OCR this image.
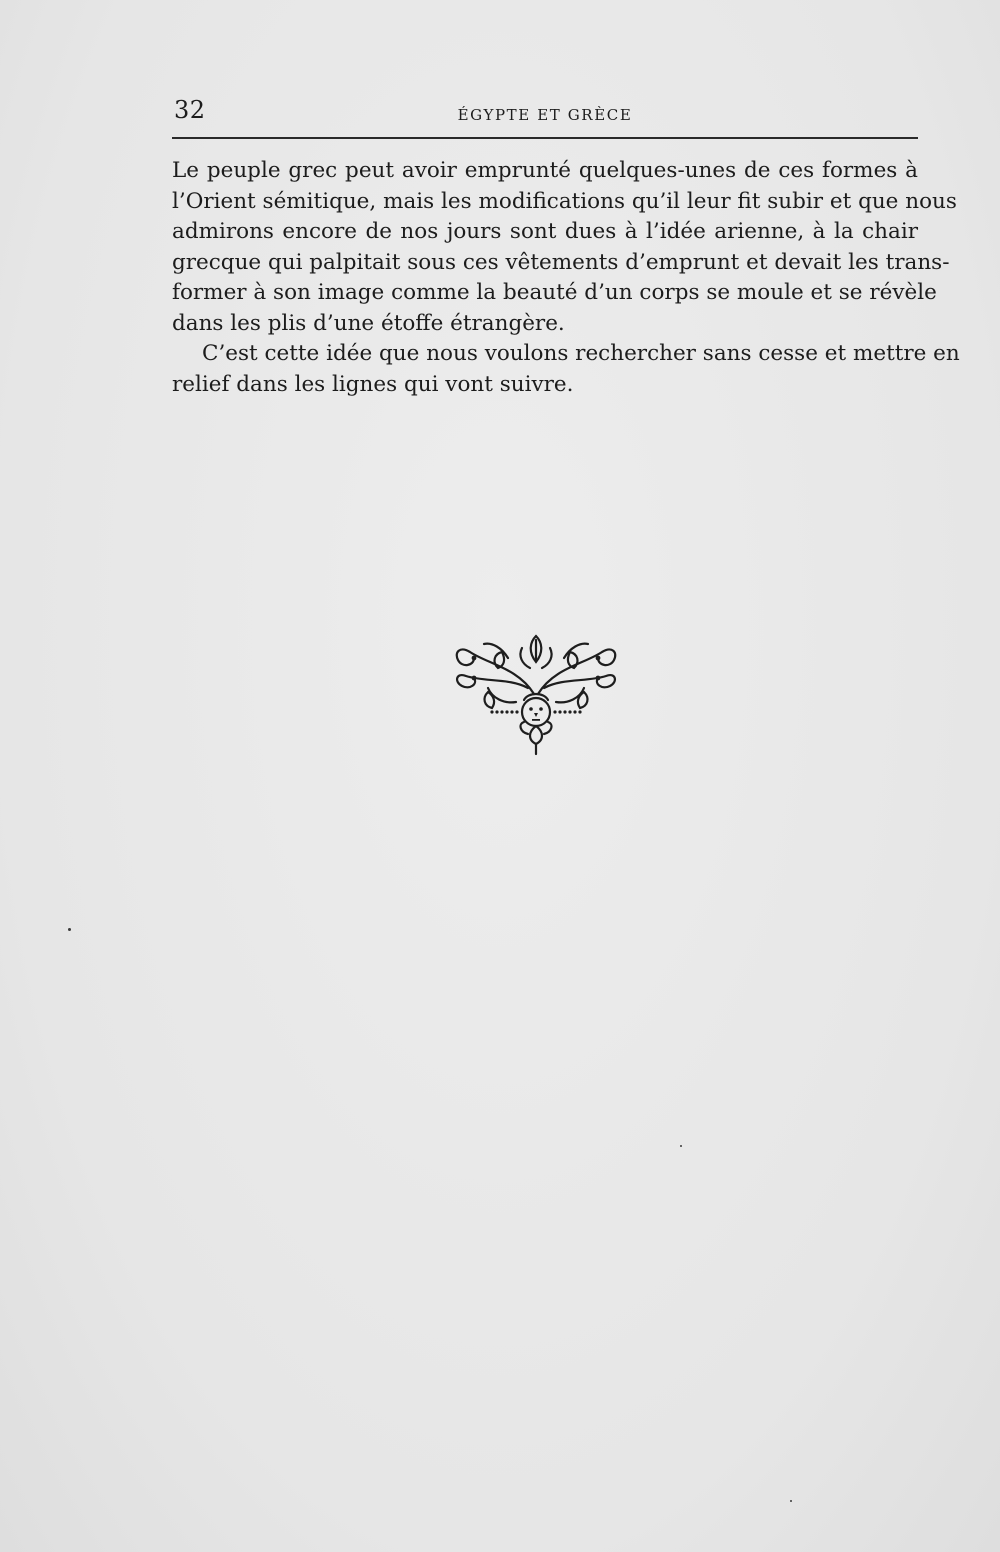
32	ÉGYPTE ET GRÈCE

Le peuple grec peut avoir emprunté quelques-unes de ces formes à
l’Orient sémitique, mais les modifications qu’il leur fit subir et que nous
admirons encore de nos jours sont dues à l’idée arienne, à la chair
grecque qui palpitait sous ces vêtements d’emprunt et devait les trans-
former à son image comme la beauté d’un corps se moule et se révèle
dans les plis d’une étoffe étrangère.

C’est cette idée que nous voulons rechercher sans cesse et mettre en
relief dans les lignes qui vont suivre.
